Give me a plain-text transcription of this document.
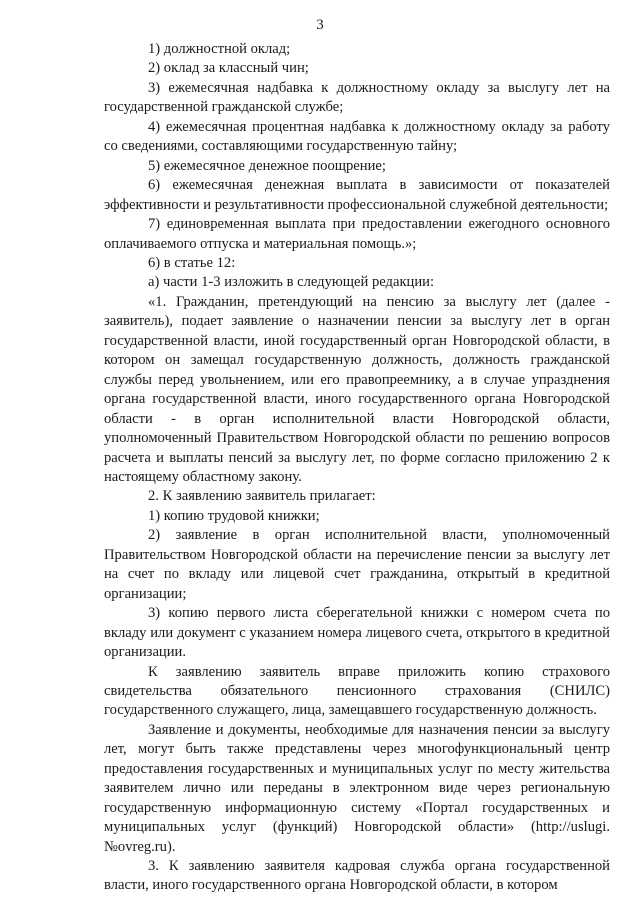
3

1) должностной оклад;

2) оклад за классный чин;

3) ежемесячная надбавка к должностному окладу за выслугу лет на государственной гражданской службе;

4) ежемесячная процентная надбавка к должностному окладу за работу со сведениями, составляющими государственную тайну;

5) ежемесячное денежное поощрение;

6) ежемесячная денежная выплата в зависимости от показателей эффективности и результативности профессиональной служебной деятельности;

7) единовременная выплата при предоставлении ежегодного основного оплачиваемого отпуска и материальная помощь.»;

6) в статье 12:

а) части 1-3 изложить в следующей редакции:

«1. Гражданин, претендующий на пенсию за выслугу лет (далее - заявитель), подает заявление о назначении пенсии за выслугу лет в орган государственной власти, иной государственный орган Новгородской области, в котором он замещал государственную должность, должность гражданской службы перед увольнением, или его правопреемнику, а в случае упразднения органа государственной власти, иного государственного органа Новгородской области - в орган исполнительной власти Новгородской области, уполномоченный Правительством Новгородской области по решению вопросов расчета и выплаты пенсий за выслугу лет, по форме согласно приложению 2 к настоящему областному закону.

2. К заявлению заявитель прилагает:

1) копию трудовой книжки;

2) заявление в орган исполнительной власти, уполномоченный Правительством Новгородской области на перечисление пенсии за выслугу лет на счет по вкладу или лицевой счет гражданина, открытый в кредитной организации;

3) копию первого листа сберегательной книжки с номером счета по вкладу или документ с указанием номера лицевого счета, открытого в кредитной организации.

К заявлению заявитель вправе приложить копию страхового свидетельства обязательного пенсионного страхования (СНИЛС) государственного служащего, лица, замещавшего государственную должность.

Заявление и документы, необходимые для назначения пенсии за выслугу лет, могут быть также представлены через многофункциональный центр предоставления государственных и муниципальных услуг по месту жительства заявителем лично или переданы в электронном виде через региональную государственную информационную систему «Портал государственных и муниципальных услуг (функций) Новгородской области» (http://uslugi.№ovreg.ru).

3. К заявлению заявителя кадровая служба органа государственной власти, иного государственного органа Новгородской области, в котором
